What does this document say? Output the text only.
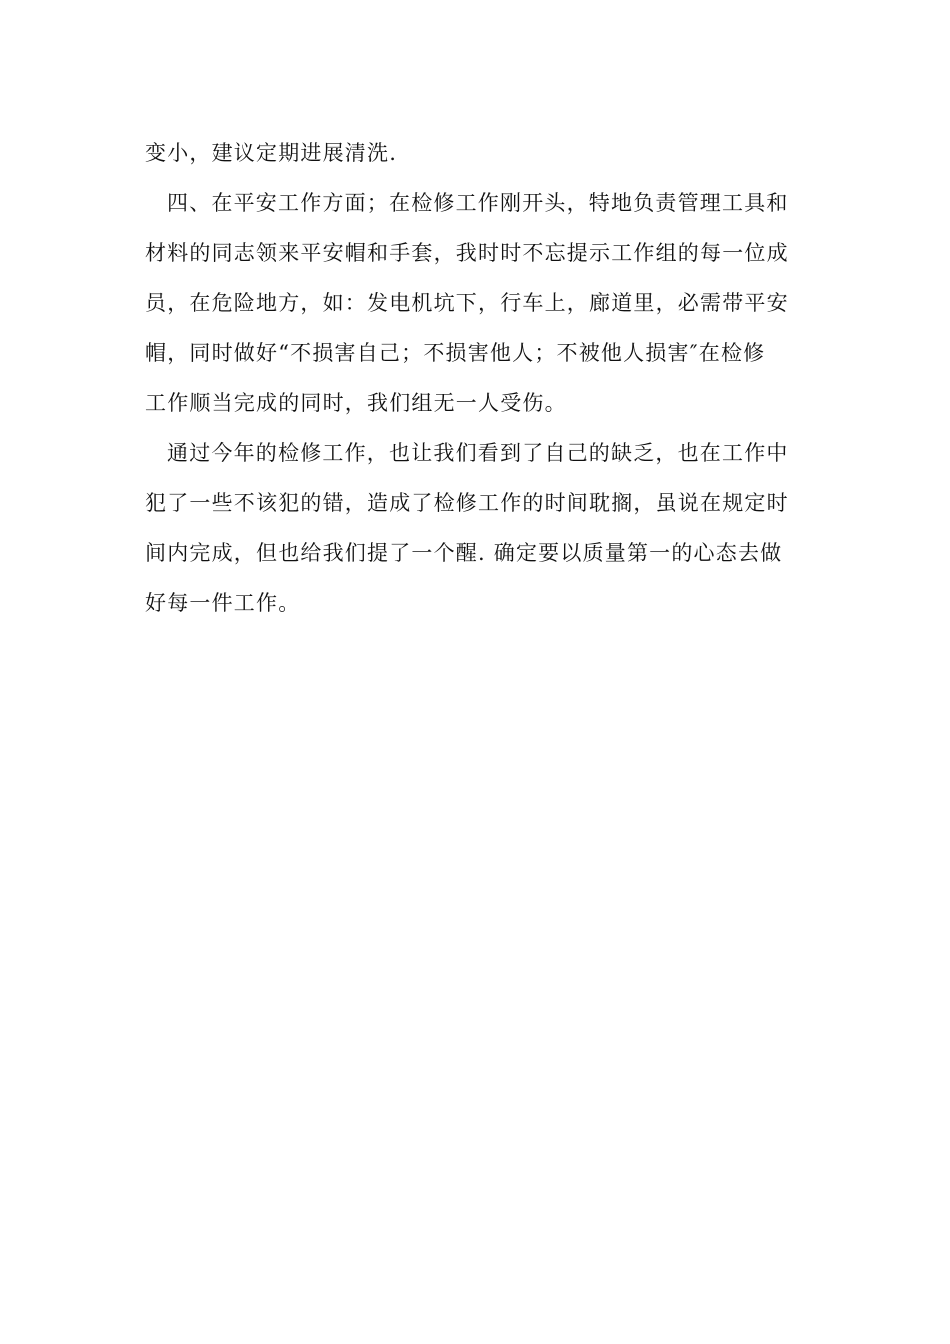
变小，建议定期进展清洗.
四、在平安工作方面；在检修工作刚开头，特地负责管理工具和
材料的同志领来平安帽和手套，我时时不忘提示工作组的每一位成
员，在危险地方，如：发电机坑下，行车上，廊道里，必需带平安
帽，同时做好“不损害自己；不损害他人；不被他人损害″在检修
工作顺当完成的同时，我们组无一人受伤。
通过今年的检修工作，也让我们看到了自己的缺乏，也在工作中
犯了一些不该犯的错，造成了检修工作的时间耽搁，虽说在规定时
间内完成，但也给我们提了一个醒. 确定要以质量第一的心态去做
好每一件工作。
